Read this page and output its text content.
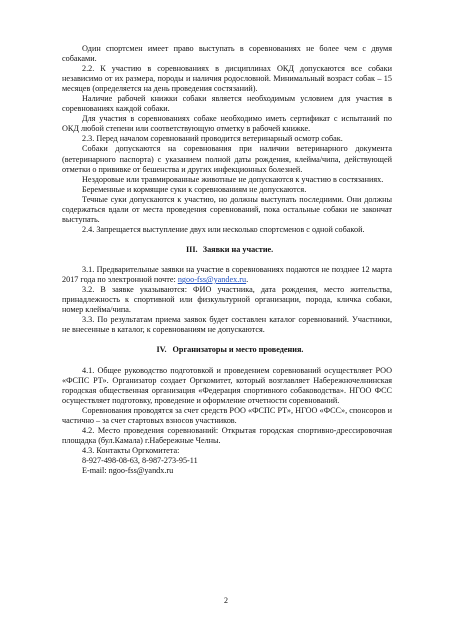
Один спортсмен имеет право выступать в соревнованиях не более чем с двумя собаками.

2.2. К участию в соревнованиях в дисциплинах ОКД допускаются все собаки независимо от их размера, породы и наличия родословной. Минимальный возраст собак – 15 месяцев (определяется на день проведения состязаний).

Наличие рабочей книжки собаки является необходимым условием для участия в соревнованиях каждой собаки.

Для участия в соревнованиях собаке необходимо иметь сертификат с испытаний по ОКД любой степени или соответствующую отметку в рабочей книжке.

2.3. Перед началом соревнований проводится ветеринарный осмотр собак.

Собаки допускаются на соревнования при наличии ветеринарного документа (ветеринарного паспорта) с указанием полной даты рождения, клейма/чипа, действующей отметки о прививке от бешенства и других инфекционных болезней.

Нездоровые или травмированные животные не допускаются к участию в состязаниях.

Беременные и кормящие суки к соревнованиям не допускаются.

Течные суки допускаются к участию, но должны выступать последними. Они должны содержаться вдали от места проведения соревнований, пока остальные собаки не закончат выступать.

2.4. Запрещается выступление двух или несколько спортсменов с одной собакой.

III. Заявки на участие.

3.1. Предварительные заявки на участие в соревнованиях подаются не позднее 12 марта 2017 года по электронной почте: ngoo-fss@yandex.ru.

3.2. В заявке указываются: ФИО участника, дата рождения, место жительства, принадлежность к спортивной или физкультурной организации, порода, кличка собаки, номер клейма/чипа.

3.3. По результатам приема заявок будет составлен каталог соревнований. Участники, не внесенные в каталог, к соревнованиям не допускаются.

IV. Организаторы и место проведения.

4.1. Общее руководство подготовкой и проведением соревнований осуществляет РОО «ФСПС РТ». Организатор создает Оргкомитет, который возглавляет Набережночелнинская городская общественная организация «Федерация спортивного собаководства». НГОО ФСС осуществляет подготовку, проведение и оформление отчетности соревнований.

Соревнования проводятся за счет средств РОО «ФСПС РТ», НГОО «ФСС», спонсоров и частично – за счет стартовых взносов участников.

4.2. Место проведения соревнований: Открытая городская спортивно-дрессировочная площадка (бул.Камала) г.Набережные Челны.

4.3. Контакты Оргкомитета:

8-927-498-08-63, 8-987-273-95-11

E-mail: ngoo-fss@yandx.ru

2
